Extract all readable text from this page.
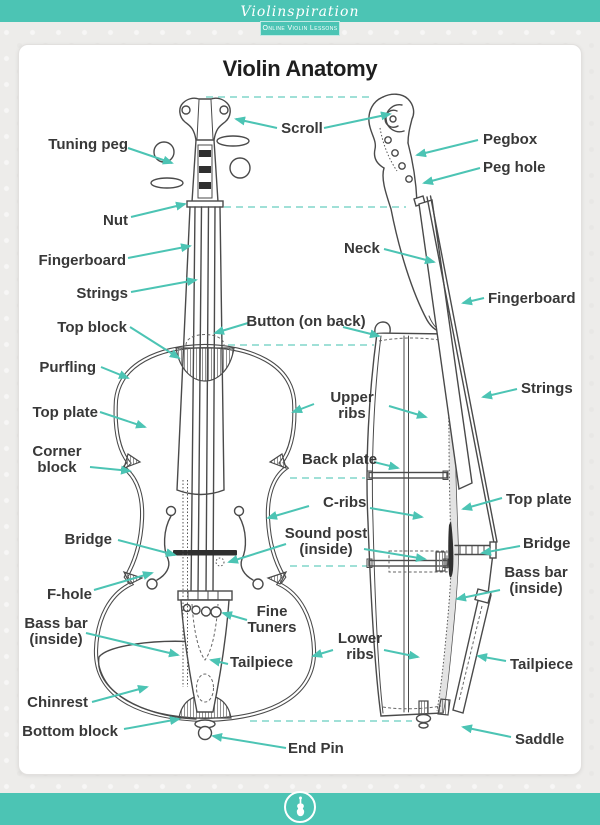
Violinspiration
Online Violin Lessons
Violin Anatomy
Tuning peg
Nut
Fingerboard
Strings
Top block
Purfling
Top plate
Corner block
Bridge
F-hole
Bass bar (inside)
Chinrest
Bottom block
Scroll
Pegbox
Peg hole
Neck
Button (on back)
Upper ribs
Back plate
C-ribs
Sound post (inside)
Fine Tuners
Tailpiece
Lower ribs
End Pin
Fingerboard
Strings
Top plate
Bridge
Bass bar (inside)
Tailpiece
Saddle
